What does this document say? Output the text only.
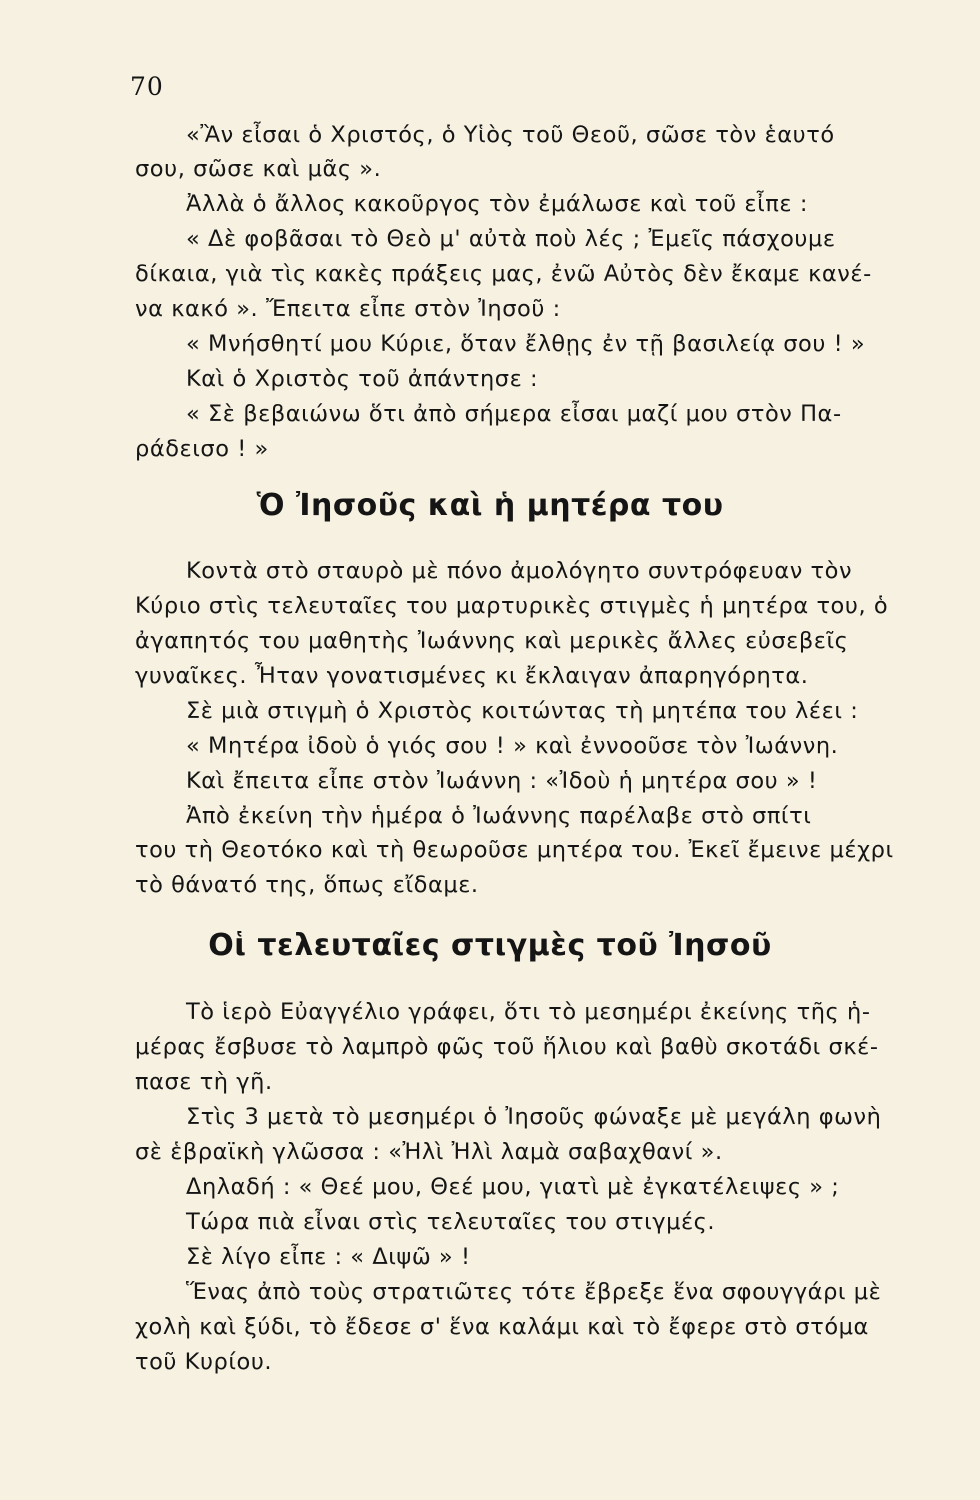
70
«Ἂν εἶσαι ὁ Χριστός, ὁ Υἱὸς τοῦ Θεοῦ, σῶσε τὸν ἑαυτό
σου, σῶσε καὶ μᾶς ».
Ἀλλὰ ὁ ἄλλος κακοῦργος τὸν ἐμάλωσε καὶ τοῦ εἶπε :
« Δὲ φοβᾶσαι τὸ Θεὸ μ' αὐτὰ ποὺ λές ; Ἐμεῖς πάσχουμε
δίκαια, γιὰ τὶς κακὲς πράξεις μας, ἐνῶ Αὐτὸς δὲν ἔκαμε κανέ-
να κακό ». Ἔπειτα εἶπε στὸν Ἰησοῦ :
« Μνήσθητί μου Κύριε, ὅταν ἔλθῃς ἐν τῇ βασιλείᾳ σου ! »
Καὶ ὁ Χριστὸς τοῦ ἀπάντησε :
« Σὲ βεβαιώνω ὅτι ἀπὸ σήμερα εἶσαι μαζί μου στὸν Πα-
ράδεισο ! »
Ὁ Ἰησοῦς καὶ ἡ μητέρα του
Κοντὰ στὸ σταυρὸ μὲ πόνο ἀμολόγητο συντρόφευαν τὸν
Κύριο στὶς τελευταῖες του μαρτυρικὲς στιγμὲς ἡ μητέρα του, ὁ
ἀγαπητός του μαθητὴς Ἰωάννης καὶ μερικὲς ἄλλες εὐσεβεῖς
γυναῖκες. Ἦταν γονατισμένες κι ἔκλαιγαν ἀπαρηγόρητα.
Σὲ μιὰ στιγμὴ ὁ Χριστὸς κοιτώντας τὴ μητέπα του λέει :
« Μητέρα ἰδοὺ ὁ γιός σου ! » καὶ ἐννοοῦσε τὸν Ἰωάννη.
Καὶ ἔπειτα εἶπε στὸν Ἰωάννη : «Ἰδοὺ ἡ μητέρα σου » !
Ἀπὸ ἐκείνη τὴν ἡμέρα ὁ Ἰωάννης παρέλαβε στὸ σπίτι
του τὴ Θεοτόκο καὶ τὴ θεωροῦσε μητέρα του. Ἐκεῖ ἔμεινε μέχρι
τὸ θάνατό της, ὅπως εἴδαμε.
Οἱ τελευταῖες στιγμὲς τοῦ Ἰησοῦ
Τὸ ἱερὸ Εὐαγγέλιο γράφει, ὅτι τὸ μεσημέρι ἐκείνης τῆς ἡ-
μέρας ἔσβυσε τὸ λαμπρὸ φῶς τοῦ ἥλιου καὶ βαθὺ σκοτάδι σκέ-
πασε τὴ γῆ.
Στὶς 3 μετὰ τὸ μεσημέρι ὁ Ἰησοῦς φώναξε μὲ μεγάλη φωνὴ
σὲ ἑβραϊκὴ γλῶσσα : «Ἠλὶ Ἠλὶ λαμὰ σαβαχθανί ».
Δηλαδή : « Θεέ μου, Θεέ μου, γιατὶ μὲ ἐγκατέλειψες » ;
Τώρα πιὰ εἶναι στὶς τελευταῖες του στιγμές.
Σὲ λίγο εἶπε : « Διψῶ » !
Ἕνας ἀπὸ τοὺς στρατιῶτες τότε ἔβρεξε ἕνα σφουγγάρι μὲ
χολὴ καὶ ξύδι, τὸ ἔδεσε σ' ἕνα καλάμι καὶ τὸ ἔφερε στὸ στόμα
τοῦ Κυρίου.
